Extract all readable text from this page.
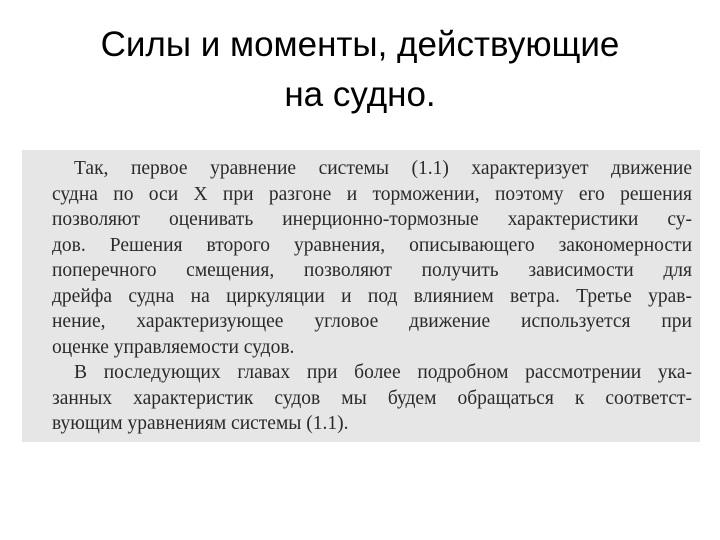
Силы и моменты, действующие
на судно.
Так, первое уравнение системы (1.1) характеризует движение
судна по оси X при разгоне и торможении, поэтому его решения
позволяют оценивать инерционно-тормозные характеристики су-
дов. Решения второго уравнения, описывающего закономерности
поперечного смещения, позволяют получить зависимости для
дрейфа судна на циркуляции и под влиянием ветра. Третье урав-
нение, характеризующее угловое движение используется при
оценке управляемости судов.
В последующих главах при более подробном рассмотрении ука-
занных характеристик судов мы будем обращаться к соответст-
вующим уравнениям системы (1.1).
